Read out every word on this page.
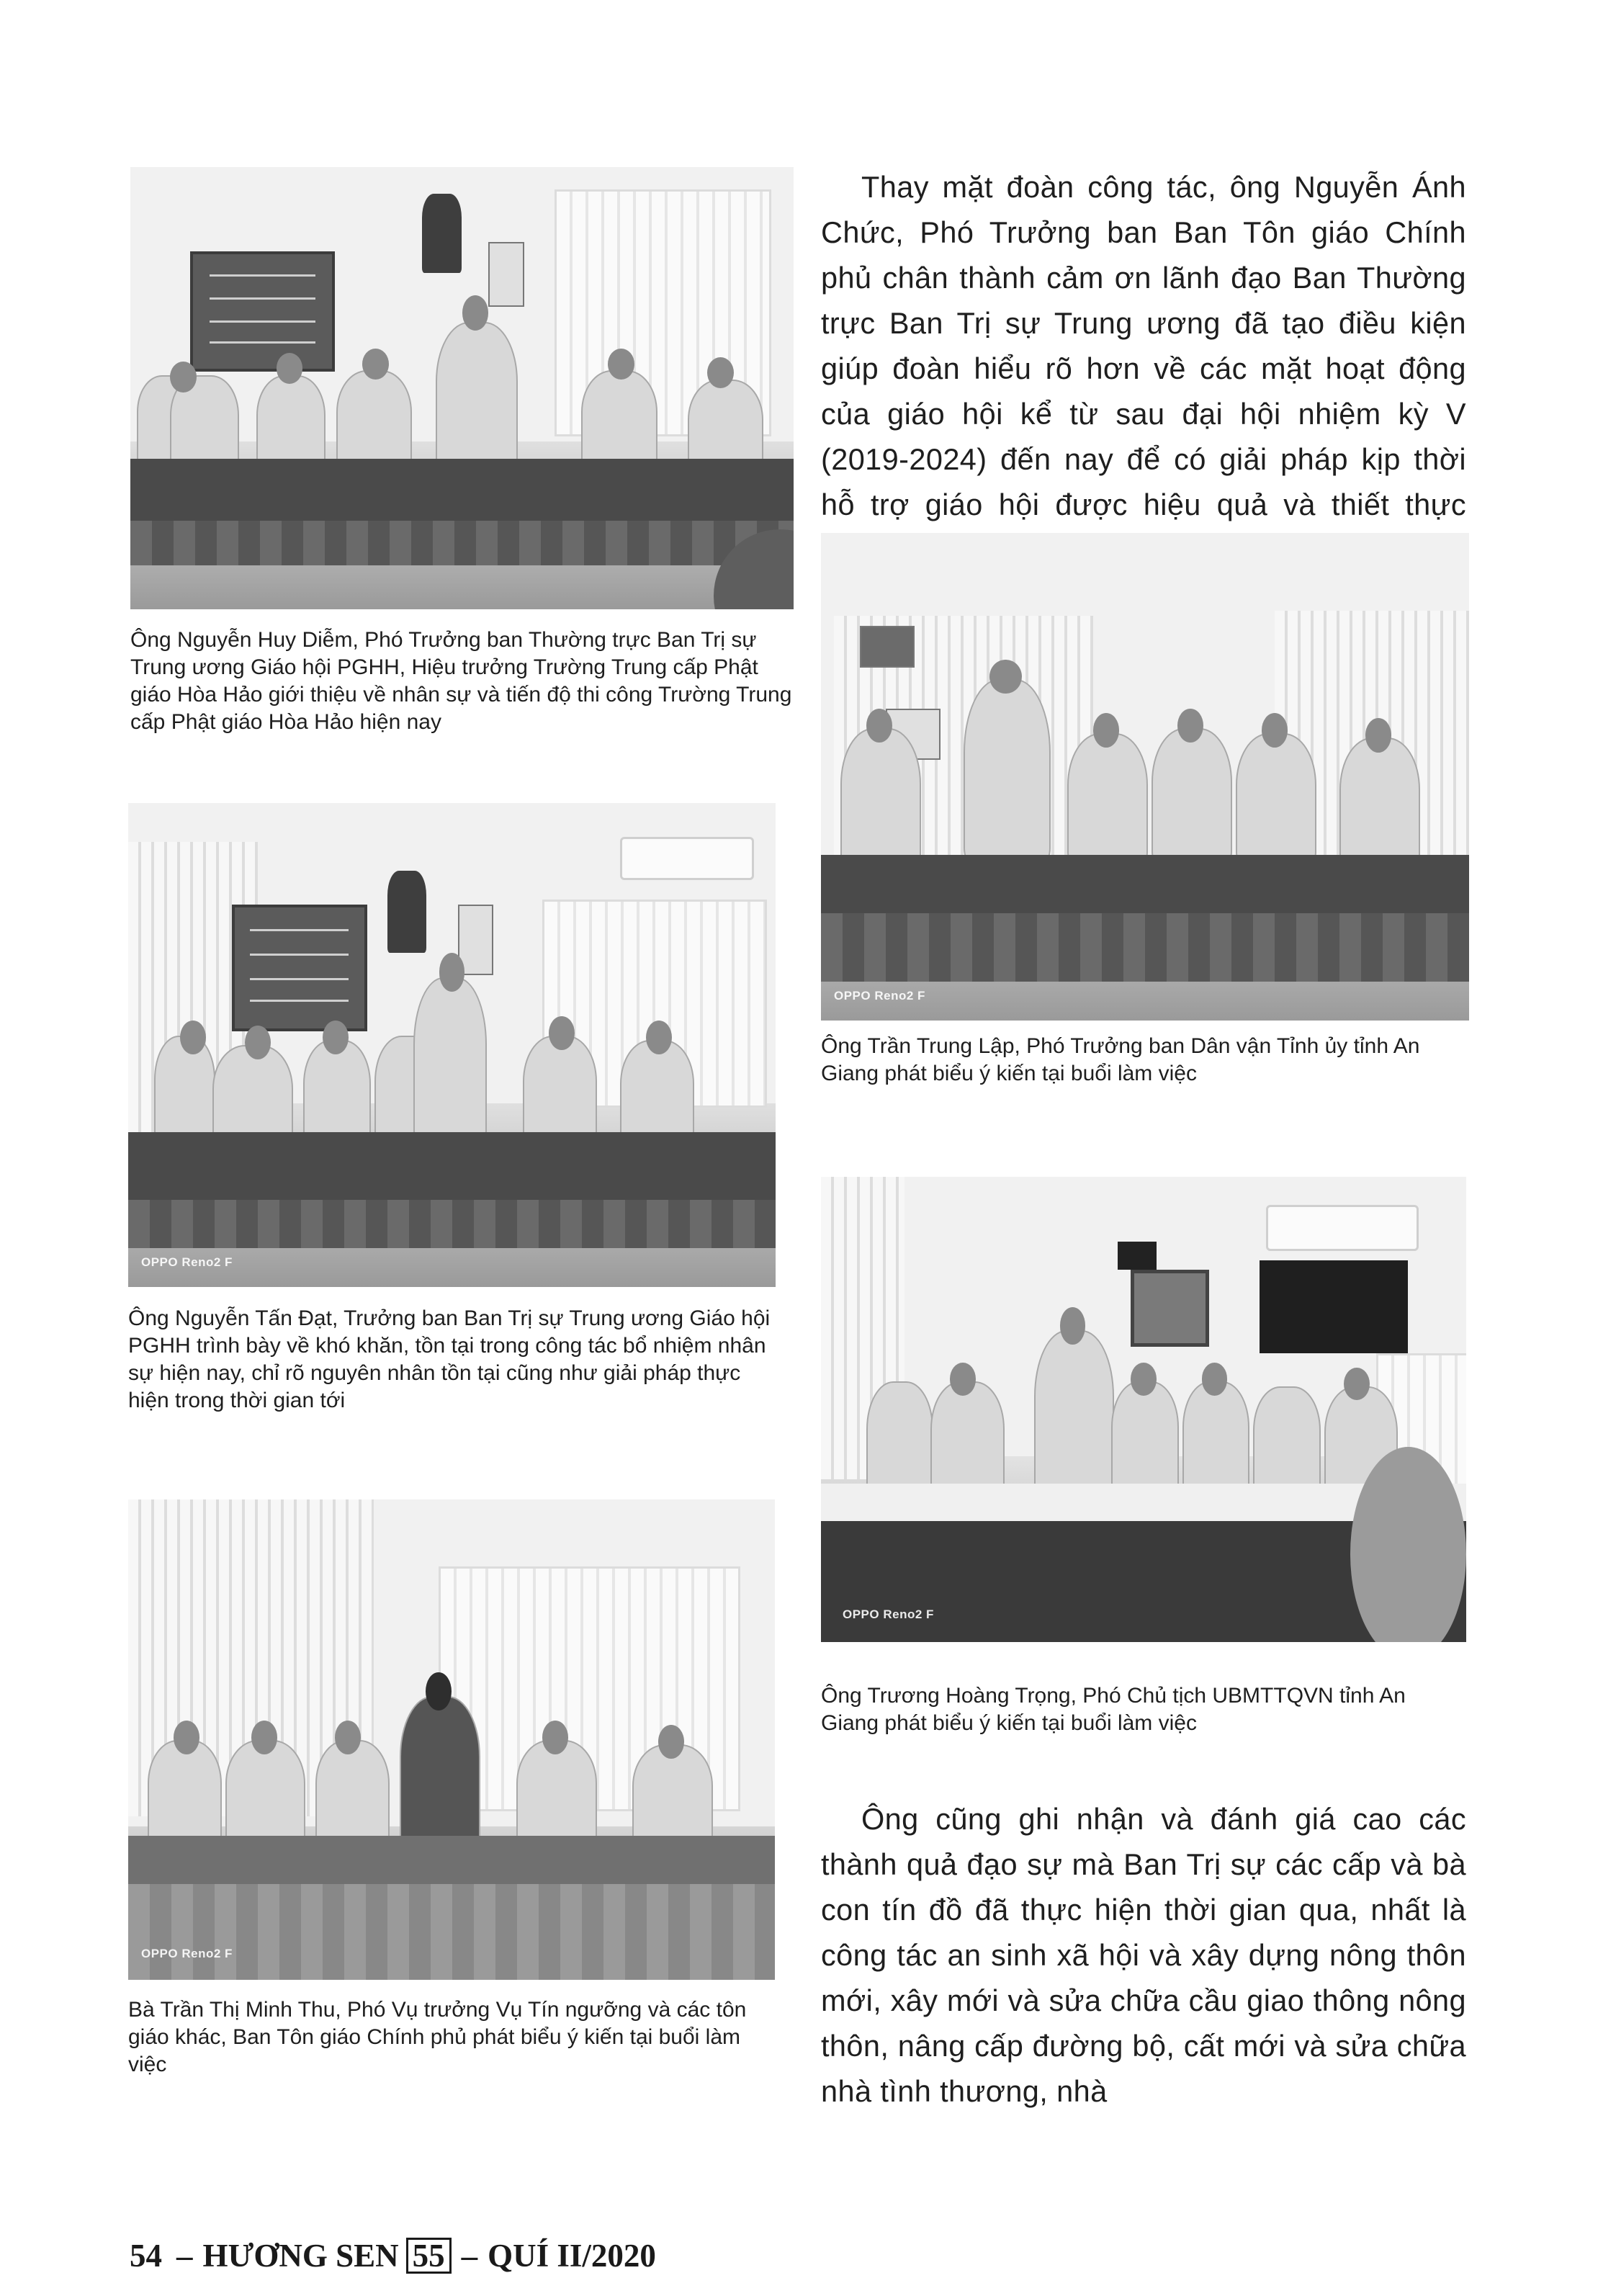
Thay mặt đoàn công tác, ông Nguyễn Ánh Chức, Phó Trưởng ban Ban Tôn giáo Chính phủ chân thành cảm ơn lãnh đạo Ban Thường trực Ban Trị sự Trung ương đã tạo điều kiện giúp đoàn hiểu rõ hơn về các mặt hoạt động của giáo hội kể từ sau đại hội nhiệm kỳ V (2019-2024) đến nay để có giải pháp kịp thời hỗ trợ giáo hội được hiệu quả và thiết thực

Ông Nguyễn Huy Diễm, Phó Trưởng ban Thường trực Ban Trị sự Trung ương Giáo hội PGHH, Hiệu trưởng Trường Trung cấp Phật giáo Hòa Hảo giới thiệu về nhân sự và tiến độ thi công Trường Trung cấp Phật giáo Hòa Hảo hiện nay

OPPO Reno2 F

Ông Trần Trung Lập, Phó Trưởng ban Dân vận Tỉnh ủy tỉnh An Giang phát biểu ý kiến tại buổi làm việc

OPPO Reno2 F

Ông Nguyễn Tấn Đạt, Trưởng ban Ban Trị sự Trung ương Giáo hội PGHH trình bày về khó khăn, tồn tại trong công tác bổ nhiệm nhân sự hiện nay, chỉ rõ nguyên nhân tồn tại cũng như giải pháp thực hiện trong thời gian tới

OPPO Reno2 F

Ông Trương Hoàng Trọng, Phó Chủ tịch UBMTTQVN tỉnh An Giang phát biểu ý kiến tại buổi làm việc

OPPO Reno2 F

Bà Trần Thị Minh Thu, Phó Vụ trưởng Vụ Tín ngưỡng và các tôn giáo khác, Ban Tôn giáo Chính phủ phát biểu ý kiến tại buổi làm việc

Ông cũng ghi nhận và đánh giá cao các thành quả đạo sự mà Ban Trị sự các cấp và bà con tín đồ đã thực hiện thời gian qua, nhất là công tác an sinh xã hội và xây dựng nông thôn mới, xây mới và sửa chữa cầu giao thông nông thôn, nâng cấp đường bộ, cất mới và sửa chữa nhà tình thương, nhà

54 – HƯƠNG SEN 55 – QUÍ II/2020
